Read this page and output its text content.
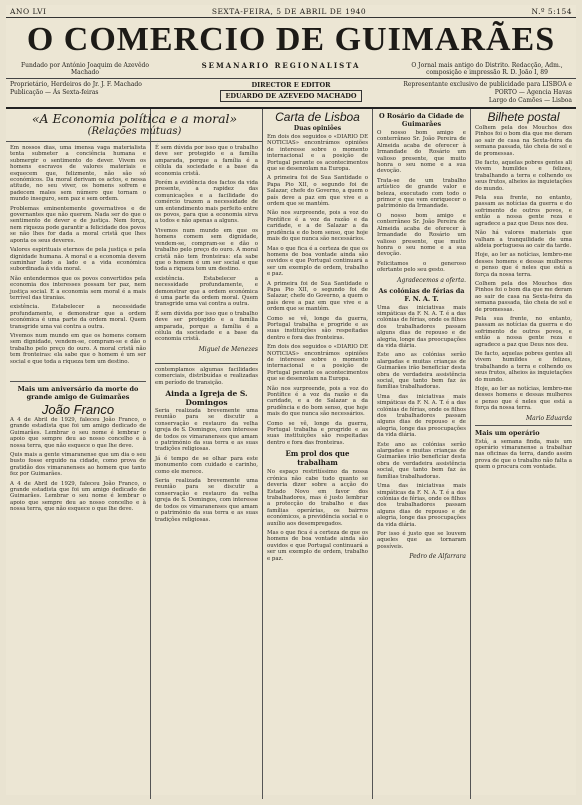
ANO LVI	SEXTA-FEIRA, 5 DE ABRIL DE 1940	N.º 5:154
O COMERCIO DE GUIMARÃES
Fundado por António Joaquim de Azevêdo Machado
SEMANARIO REGIONALISTA	O Jornal mais antigo do Distrito. Redacção, Adm., composição e impressão R. D. João I, 89
Proprietário, Herdeiros do Jr. J. F. Machado
Publicação — Ás Sexta-feiras
DIRECTOR E EDITOR
EDUARDO DE AZEVEDO MACHADO
Representante exclusivo de publicidade para LISBOA e PORTO — Agencia Havas
Largo do Camões — Lisboa
«A Economia política e a moral»
(Relações mútuas)

Em nossos dias, uma imensa vaga materialista tenta submeter a conciência humana e submergir o sentimento do dever. Vivem os homens escravos de valores materiais e esquecem que, felizmente, não são só económicos. Da moral derivam os actos, e nessa atitude, no seu viver, os homens sofrem e padecem males sem número que tornam o mundo inseguro, sem paz e sem ordem.

Problemas eminentemente governativos e de governantes que não querem. Nada ser do que o sentimento de dever e de justiça. Nem força, nem riqueza pode garantir a felicidade dos povos se não lhes for dada a moral cristã que lhes aponta os seus deveres.

Valores espirituais eternos de pela justiça e pela dignidade humana. A moral e a economia devem caminhar lado a lado e a vida económica subordinada à vida moral.

Não entendermos que os povos convertidos pela economia dos interesses possam ter paz, nem justiça social. E a economia sem moral é a mais terrível das tiranias.

existência. Estabelecer a necessidade profundamente, e demonstrar que a ordem económica é uma parte da ordem moral. Quem transgride uma vai contra a outra.

Vivemos num mundo em que os homens comem sem dignidade, vendem-se, compram-se e dão o trabalho pelo preço do ouro. A moral cristã não tem fronteiras: ela sabe que o homem é um ser social e que toda a riqueza tem um destino.

Mais um aniversário da morte do grande amigo de Guimarães
João Franco

A 4 de Abril de 1929, faleceu João Franco, o grande estadista que foi um amigo dedicado de Guimarães. Lembrar o seu nome é lembrar o apoio que sempre deu ao nosso concelho e à nossa terra, que não esquece o que lhe deve.

Quis mais a gente vimaranense que um dia o seu busto fosse erguido na cidade, como prova de gratidão dos vimaranenses ao homem que tanto fez por Guimarães.

A 4 de Abril de 1929, faleceu João Franco, o grande estadista que foi um amigo dedicado de Guimarães. Lembrar o seu nome é lembrar o apoio que sempre deu ao nosso concelho e à nossa terra, que não esquece o que lhe deve.

É sem dúvida por isso que o trabalho deve ser protegido e a família amparada, porque a família é a célula da sociedade e a base da economia cristã.

Porém a evidência dos factos da vida presente, a rapidez das comunicações e a facilidade do comércio trazem a necessidade de um entendimento mais perfeito entre os povos, para que a economia sirva a todos e não apenas a alguns.

Vivemos num mundo em que os homens comem sem dignidade, vendem-se, compram-se e dão o trabalho pelo preço do ouro. A moral cristã não tem fronteiras: ela sabe que o homem é um ser social e que toda a riqueza tem um destino.

existência. Estabelecer a necessidade profundamente, e demonstrar que a ordem económica é uma parte da ordem moral. Quem transgride uma vai contra a outra.

É sem dúvida por isso que o trabalho deve ser protegido e a família amparada, porque a família é a célula da sociedade e a base da economia cristã.

Miguel de Menezes

contemplamos algumas facilidades comerciais, distribuídas e realizadas em período de transição.

Ainda a Igreja de S. Domingos

Seria realizada brevemente uma reunião para se discutir a conservação e restauro da velha igreja de S. Domingos, com interesse de todos os vimaranenses que amam o património da sua terra e as suas tradições religiosas.

Já é tempo de se olhar para este monumento com cuidado e carinho, como ele merece.

Seria realizada brevemente uma reunião para se discutir a conservação e restauro da velha igreja de S. Domingos, com interesse de todos os vimaranenses que amam o património da sua terra e as suas tradições religiosas.

Carta de Lisboa
Duas opiniões

Em dois dos seguidos o «DIARIO DE NOTICIAS» encontrámos opiniões de interesse sobre o momento internacional e a posição de Portugal perante os acontecimentos que se desenrolam na Europa.

A primeira foi de Sua Santidade o Papa Pio XII, o segundo foi de Salazar, chefe do Governo, a quem o país deve a paz em que vive e a ordem que se mantém.

Não nos surpreende, pois a voz do Pontífice é a voz da razão e da caridade, e a de Salazar a da prudência e do bom senso, que hoje mais do que nunca são necessários.

Mas o que fica é a certeza de que os homens de boa vontade ainda são ouvidos e que Portugal continuará a ser um exemplo de ordem, trabalho e paz.

A primeira foi de Sua Santidade o Papa Pio XII, o segundo foi de Salazar, chefe do Governo, a quem o país deve a paz em que vive e a ordem que se mantém.

Como se vê, longe da guerra, Portugal trabalha e progride e as suas instituições são respeitadas dentro e fora das fronteiras.

Em dois dos seguidos o «DIARIO DE NOTICIAS» encontrámos opiniões de interesse sobre o momento internacional e a posição de Portugal perante os acontecimentos que se desenrolam na Europa.

Não nos surpreende, pois a voz do Pontífice é a voz da razão e da caridade, e a de Salazar a da prudência e do bom senso, que hoje mais do que nunca são necessários.

Como se vê, longe da guerra, Portugal trabalha e progride e as suas instituições são respeitadas dentro e fora das fronteiras.

Em prol dos que trabalham

No espaço restritíssimo da nossa crónica não cabe tudo quanto se deveria dizer sobre a acção do Estado Novo em favor dos trabalhadores, mas é justo lembrar a protecção do trabalho e das famílias operárias, os bairros económicos, a previdência social e o auxílio aos desempregados.

Mas o que fica é a certeza de que os homens de boa vontade ainda são ouvidos e que Portugal continuará a ser um exemplo de ordem, trabalho e paz.

O Rosário da Cidade de Guimarães

O nosso bom amigo e conterrâneo Sr. João Pereira de Almeida acaba de oferecer à Irmandade do Rosário um valioso presente, que muito honra o seu nome e a sua devoção.

Trata-se de um trabalho artístico de grande valor e beleza, executado com todo o primor e que vem enriquecer o património da Irmandade.

O nosso bom amigo e conterrâneo Sr. João Pereira de Almeida acaba de oferecer à Irmandade do Rosário um valioso presente, que muito honra o seu nome e a sua devoção.

Felicitamos o generoso ofertante pelo seu gesto.

Agradecemos a oferta.
As colónias de férias da F. N. A. T.

Uma das iniciativas mais simpáticas da F. N. A. T. é a das colónias de férias, onde os filhos dos trabalhadores passam alguns dias de repouso e de alegria, longe das preocupações da vida diária.

Este ano as colónias serão alargadas e muitas crianças de Guimarães irão beneficiar desta obra de verdadeira assistência social, que tanto bem faz às famílias trabalhadoras.

Uma das iniciativas mais simpáticas da F. N. A. T. é a das colónias de férias, onde os filhos dos trabalhadores passam alguns dias de repouso e de alegria, longe das preocupações da vida diária.

Este ano as colónias serão alargadas e muitas crianças de Guimarães irão beneficiar desta obra de verdadeira assistência social, que tanto bem faz às famílias trabalhadoras.

Uma das iniciativas mais simpáticas da F. N. A. T. é a das colónias de férias, onde os filhos dos trabalhadores passam alguns dias de repouso e de alegria, longe das preocupações da vida diária.

Por isso é justo que se louvem aqueles que as tornaram possíveis.

Pedro de Alfarrara
Bilhete postal

Colhem pela dos Mouchos dos Pinhos foi o bom dia que me deram ao sair de casa na Sexta-feira da semana passada, tão cheia de sol e de promessas.

De facto, aquelas pobres gentes ali vivem humildes e felizes, trabalhando a terra e colhendo os seus frutos, alheios às inquietações do mundo.

Pela sua frente, no entanto, passam as notícias da guerra e do sofrimento de outros povos, e então a nossa gente reza e agradece a paz que Deus nos deu.

Não há valores materiais que valham a tranquilidade de uma aldeia portuguesa ao cair da tarde.

Hoje, ao ler as notícias, lembro-me desses homens e dessas mulheres e penso que é neles que está a força da nossa terra.

Colhem pela dos Mouchos dos Pinhos foi o bom dia que me deram ao sair de casa na Sexta-feira da semana passada, tão cheia de sol e de promessas.

Pela sua frente, no entanto, passam as notícias da guerra e do sofrimento de outros povos, e então a nossa gente reza e agradece a paz que Deus nos deu.

De facto, aquelas pobres gentes ali vivem humildes e felizes, trabalhando a terra e colhendo os seus frutos, alheios às inquietações do mundo.

Hoje, ao ler as notícias, lembro-me desses homens e dessas mulheres e penso que é neles que está a força da nossa terra.

Mario Eduarda
Mais um operário

Está, a semana finda, mais um operário vimaranense a trabalhar nas oficinas da terra, dando assim prova de que o trabalho não falta a quem o procura com vontade.
